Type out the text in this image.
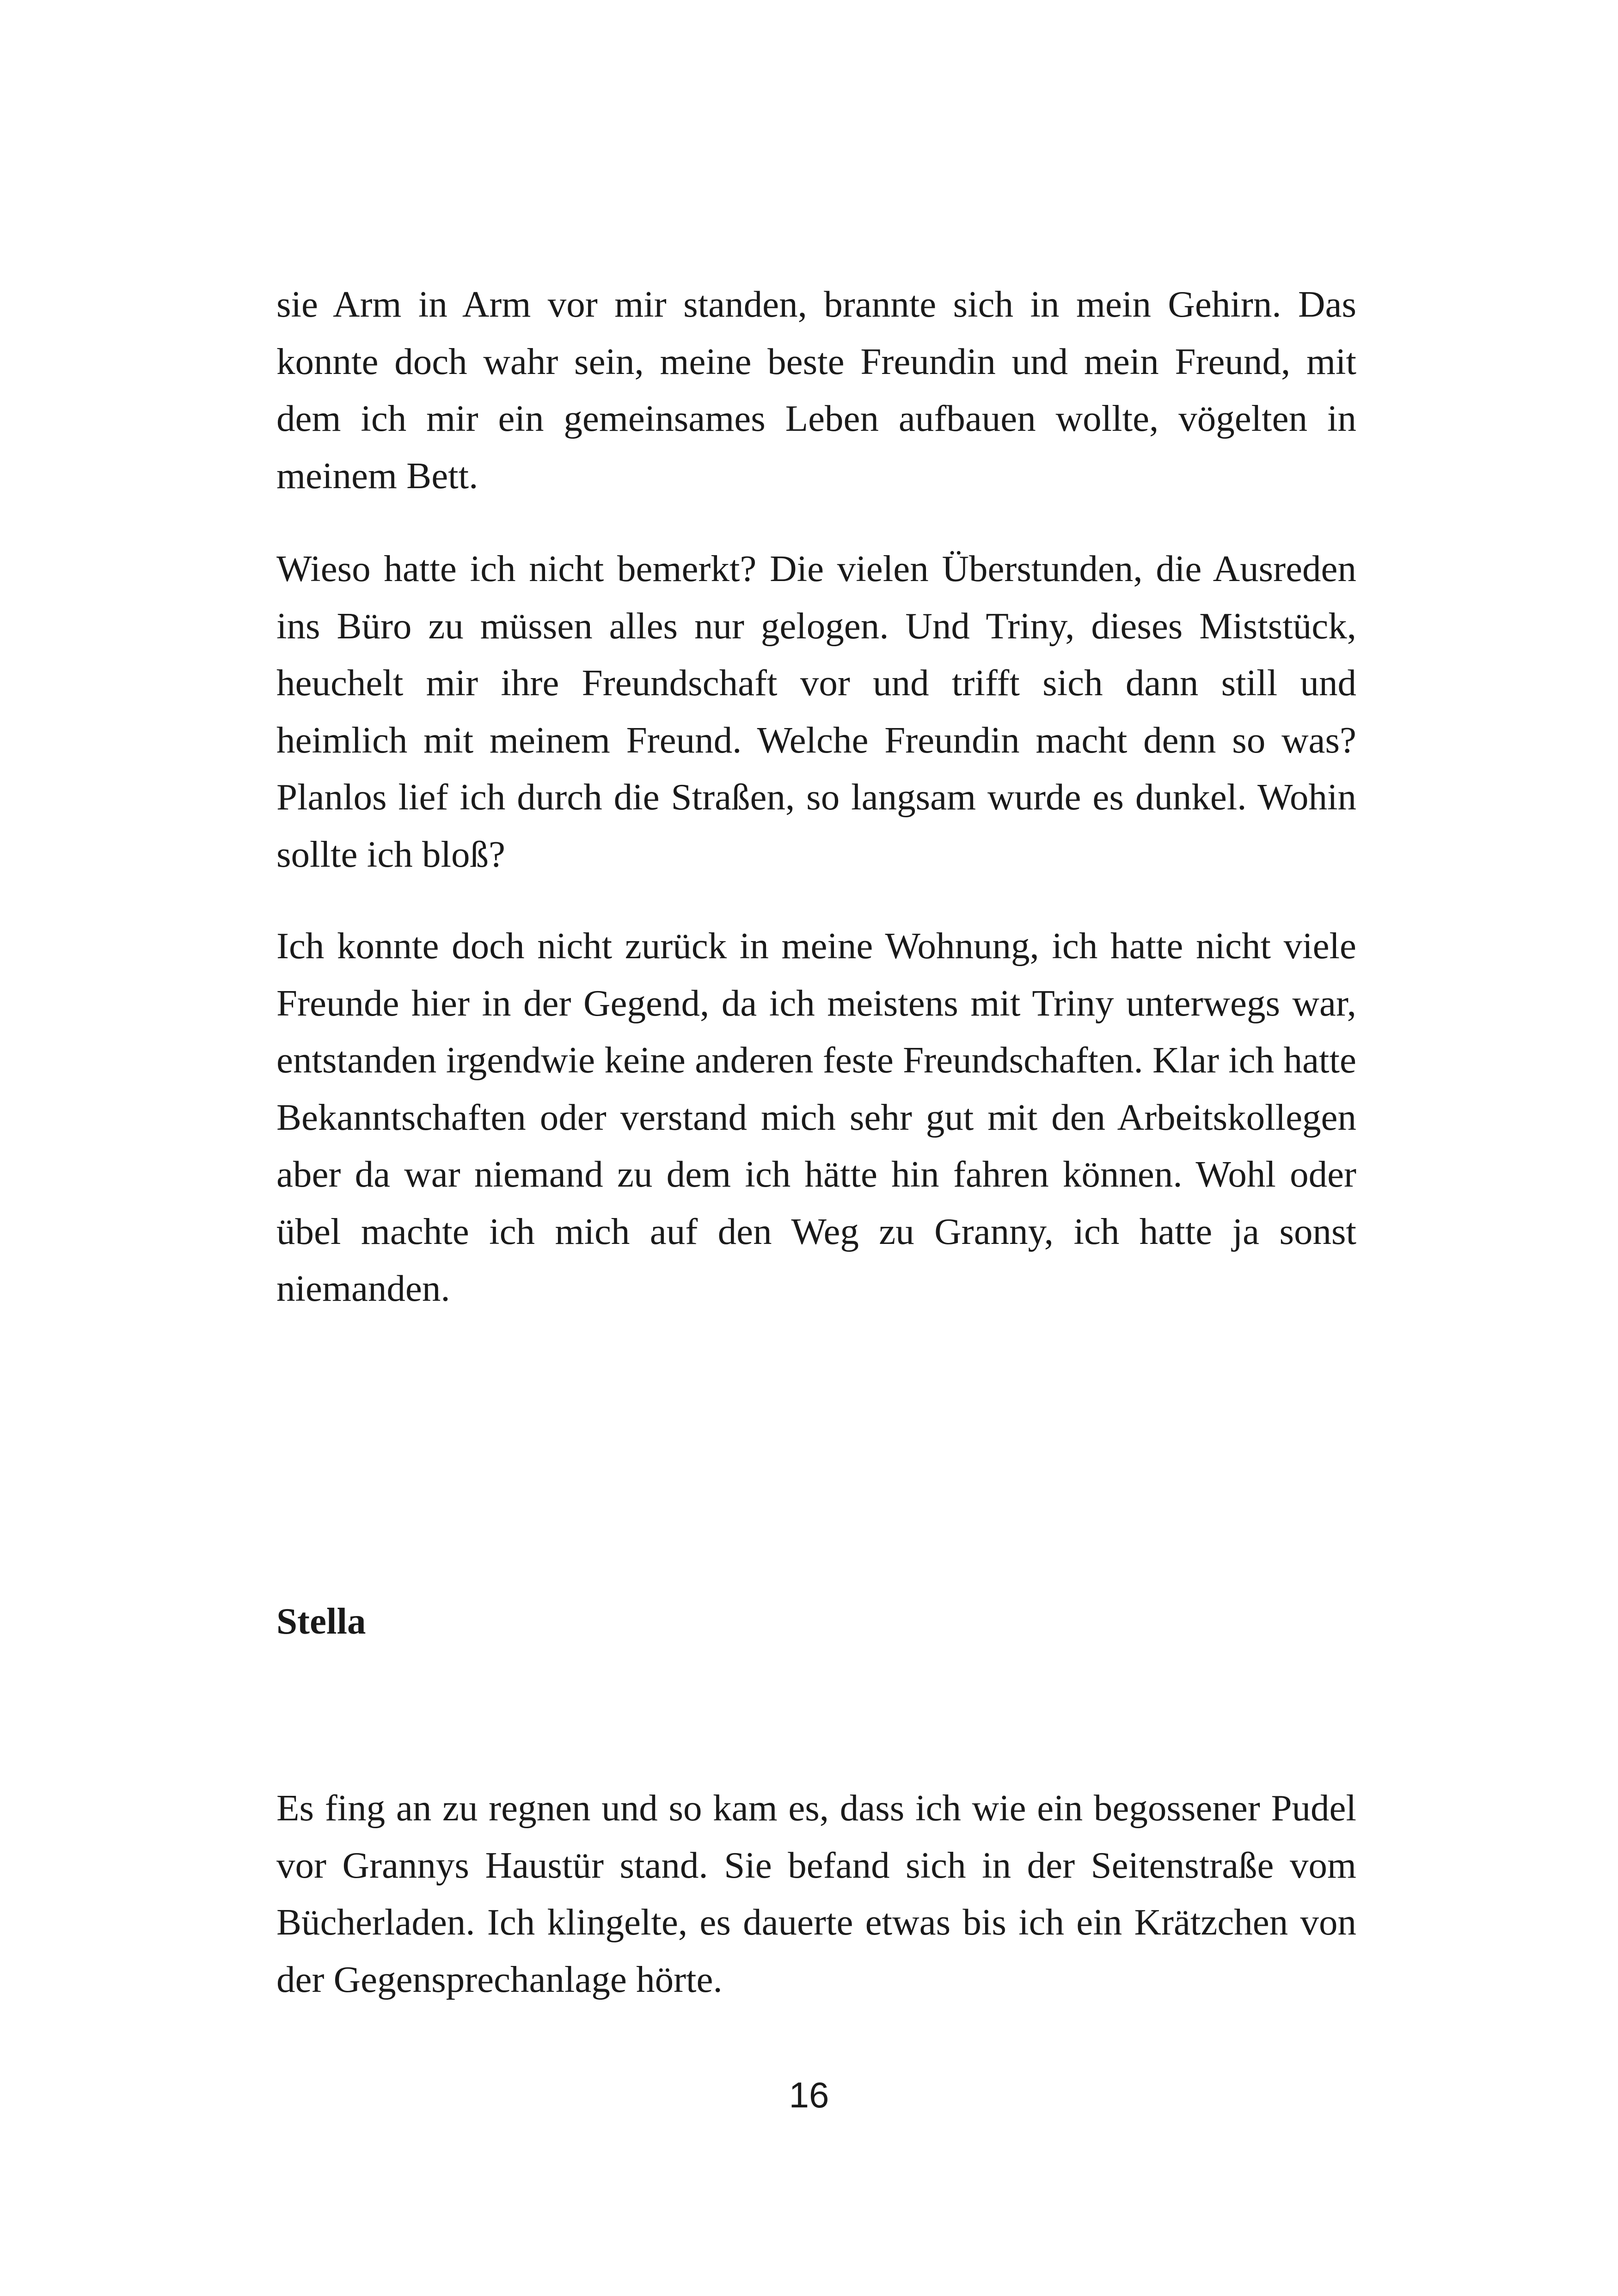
sie Arm in Arm vor mir standen, brannte sich in mein Gehirn. Das konnte doch wahr sein, meine beste Freundin und mein Freund, mit dem ich mir ein gemeinsames Leben aufbauen wollte, vögelten in meinem Bett.

Wieso hatte ich nicht bemerkt? Die vielen Überstunden, die Ausreden ins Büro zu müssen alles nur gelogen. Und Triny, dieses Miststück, heuchelt mir ihre Freundschaft vor und trifft sich dann still und heimlich mit meinem Freund. Welche Freundin macht denn so was? Planlos lief ich durch die Straßen, so langsam wurde es dunkel. Wohin sollte ich bloß?

Ich konnte doch nicht zurück in meine Wohnung, ich hatte nicht viele Freunde hier in der Gegend, da ich meistens mit Triny unterwegs war, entstanden irgendwie keine anderen feste Freundschaften. Klar ich hatte Bekanntschaften oder verstand mich sehr gut mit den Arbeitskollegen aber da war niemand zu dem ich hätte hin fahren können. Wohl oder übel machte ich mich auf den Weg zu Granny, ich hatte ja sonst niemanden.

Stella

Es fing an zu regnen und so kam es, dass ich wie ein begossener Pudel vor Grannys Haustür stand. Sie befand sich in der Seitenstraße vom Bücherladen. Ich klingelte, es dauerte etwas bis ich ein Krätzchen von der Gegensprechanlage hörte.

16
